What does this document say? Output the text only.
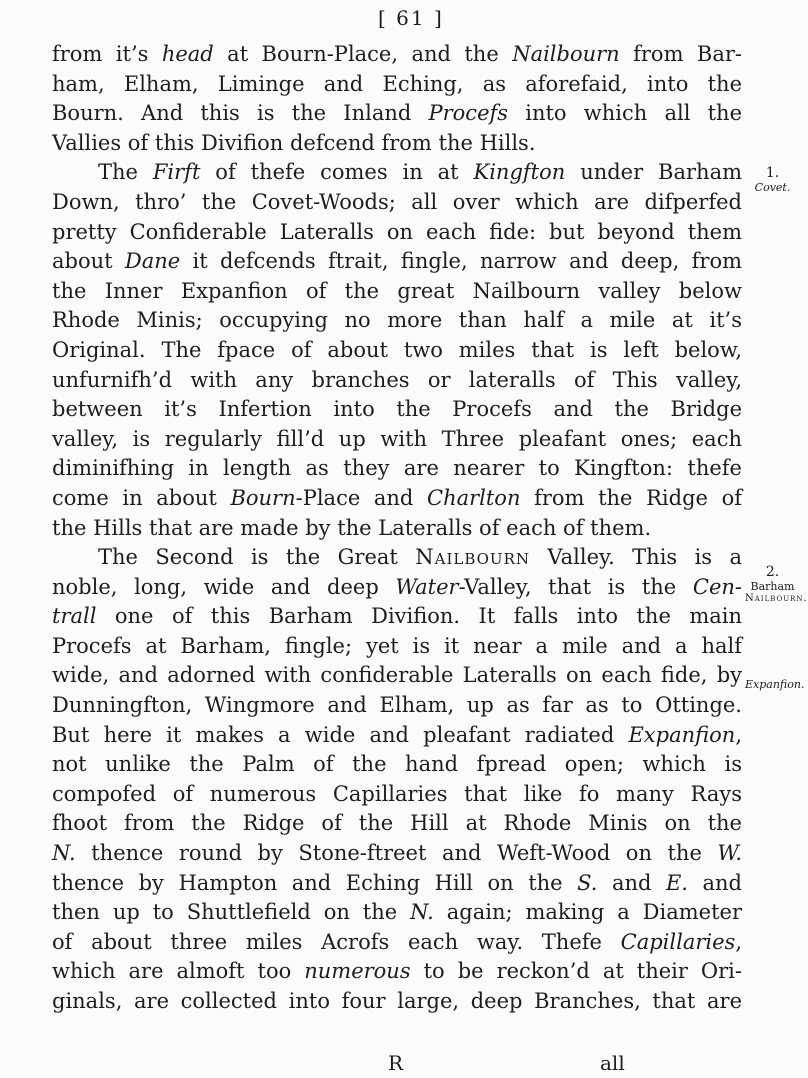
[ 61 ]
from it’s head at Bourn-Place, and the Nailbourn from Bar-
ham, Elham, Liminge and Eching, as aforefaid, into the
Bourn. And this is the Inland Procefs into which all the
Vallies of this Divifion defcend from the Hills.
The Firft of thefe comes in at Kingfton under Barham
Down, thro’ the Covet-Woods; all over which are difperfed
pretty Confiderable Lateralls on each fide: but beyond them
about Dane it defcends ftrait, fingle, narrow and deep, from
the Inner Expanfion of the great Nailbourn valley below
Rhode Minis; occupying no more than half a mile at it’s
Original. The fpace of about two miles that is left below,
unfurnifh’d with any branches or lateralls of This valley,
between it’s Infertion into the Procefs and the Bridge
valley, is regularly fill’d up with Three pleafant ones; each
diminifhing in length as they are nearer to Kingfton: thefe
come in about Bourn-Place and Charlton from the Ridge of
the Hills that are made by the Lateralls of each of them.
The Second is the Great Nailbourn Valley. This is a
noble, long, wide and deep Water-Valley, that is the Cen-
trall one of this Barham Divifion. It falls into the main
Procefs at Barham, fingle; yet is it near a mile and a half
wide, and adorned with confiderable Lateralls on each fide, by
Dunningfton, Wingmore and Elham, up as far as to Ottinge.
But here it makes a wide and pleafant radiated Expanfion,
not unlike the Palm of the hand fpread open; which is
compofed of numerous Capillaries that like fo many Rays
fhoot from the Ridge of the Hill at Rhode Minis on the
N. thence round by Stone-ftreet and Weft-Wood on the W.
thence by Hampton and Eching Hill on the S. and E. and
then up to Shuttlefield on the N. again; making a Diameter
of about three miles Acrofs each way. Thefe Capillaries,
which are almoft too numerous to be reckon’d at their Ori-
ginals, are collected into four large, deep Branches, that are
1.
Covet.
2.
Barham
Nailbourn.
Expanfion.
R	all
